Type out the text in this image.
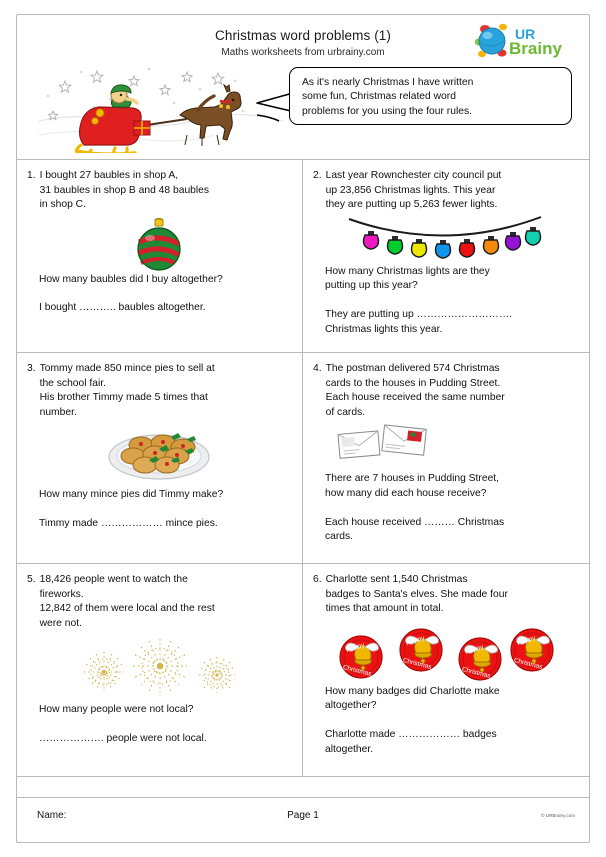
Christmas word problems (1)
Maths worksheets from urbrainy.com
UR
Brainy

As it's nearly Christmas I have written

some fun, Christmas related word

problems for you using the four rules.

1. I bought 27 baubles in shop A,
31 baubles in shop B and 48 baubles
in shop C.

How many baubles did I buy altogether?

I bought ……….. baubles altogether.

2. Last year Rownchester city council put
up 23,856 Christmas lights. This year
they are putting up 5,263 fewer lights.

How many Christmas lights are they

putting up this year?

They are putting up ……………………….

Christmas lights this year.

3. Tommy made 850 mince pies to sell at
the school fair.
His brother Timmy made 5 times that
number.

How many mince pies did Timmy make?

Timmy made ……………… mince pies.

4. The postman delivered 574 Christmas
cards to the houses in Pudding Street.
Each house received the same number
of cards.

There are 7 houses in Pudding Street,

how many did each house receive?

Each house received ……… Christmas

cards.

5. 18,426 people went to watch the
fireworks.
12,842 of them were local and the rest
were not.

How many people were not local?

………………. people were not local.

6. Charlotte sent 1,540 Christmas
badges to Santa's elves. She made four
times that amount in total.
Happy
Christmas
Happy
Christmas
Happy
Christmas
Happy
Christmas

How many badges did Charlotte make

altogether?

Charlotte made ……………… badges

altogether.

Name:	Page 1	© URBrainy.com
